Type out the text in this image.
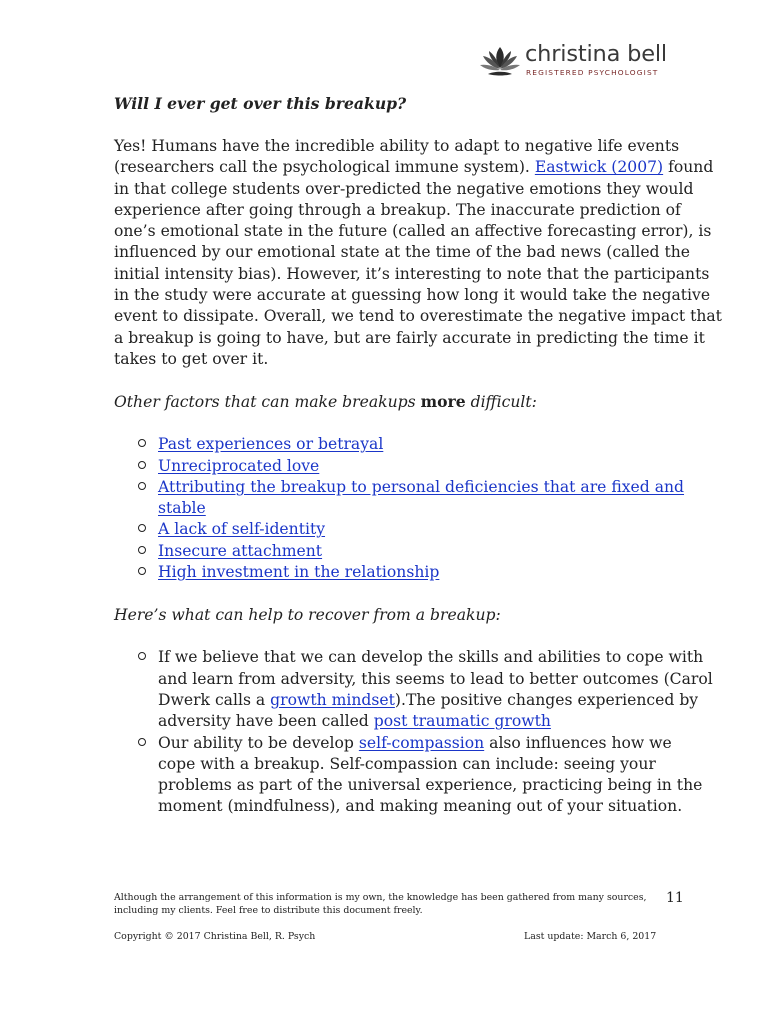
christina bell
REGISTERED PSYCHOLOGIST

Will I ever get over this breakup?

Yes! Humans have the incredible ability to adapt to negative life events
(researchers call the psychological immune system). Eastwick (2007) found
in that college students over-predicted the negative emotions they would
experience after going through a breakup. The inaccurate prediction of
one’s emotional state in the future (called an affective forecasting error), is
influenced by our emotional state at the time of the bad news (called the
initial intensity bias). However, it’s interesting to note that the participants
in the study were accurate at guessing how long it would take the negative
event to dissipate. Overall, we tend to overestimate the negative impact that
a breakup is going to have, but are fairly accurate in predicting the time it
takes to get over it.

Other factors that can make breakups more difficult:

Past experiences or betrayal
Unreciprocated love
Attributing the breakup to personal deficiencies that are fixed and
stable
A lack of self-identity
Insecure attachment
High investment in the relationship

Here’s what can help to recover from a breakup:

If we believe that we can develop the skills and abilities to cope with
and learn from adversity, this seems to lead to better outcomes (Carol
Dwerk calls a growth mindset).The positive changes experienced by
adversity have been called post traumatic growth
Our ability to be develop self-compassion also influences how we
cope with a breakup. Self-compassion can include: seeing your
problems as part of the universal experience, practicing being in the
moment (mindfulness), and making meaning out of your situation.
Although the arrangement of this information is my own, the knowledge has been gathered from many sources,
including my clients. Feel free to distribute this document freely.
11
Copyright © 2017 Christina Bell, R. Psych	Last update: March 6, 2017
